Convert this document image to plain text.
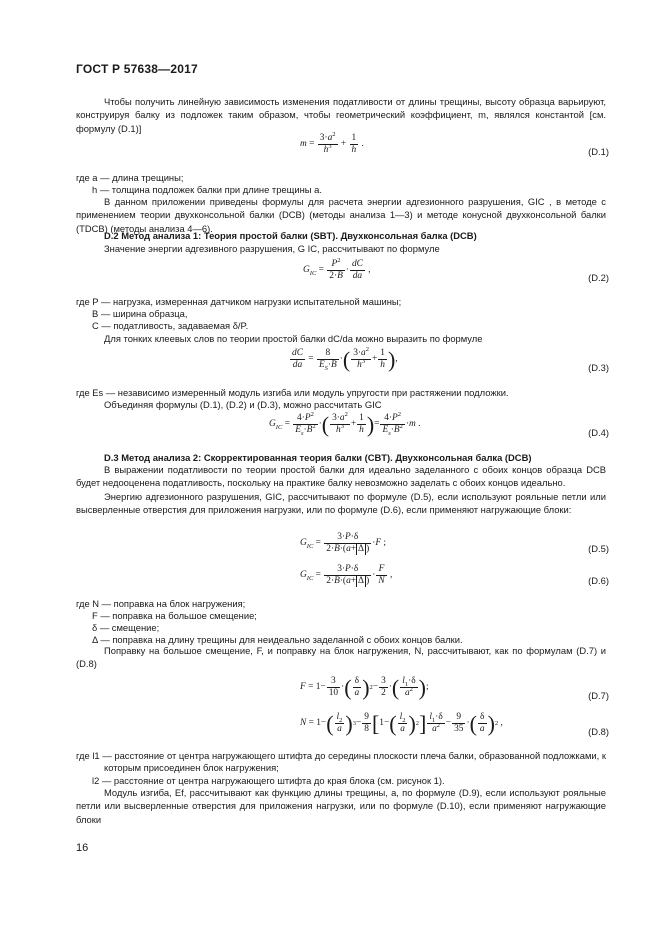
ГОСТ Р 57638—2017
Чтобы получить линейную зависимость изменения податливости от длины трещины, высоту образца варьируют, конструируя балку из подложек таким образом, чтобы геометрический коэффициент, m, являлся константой [см. формулу (D.1)]
$m = \frac{3\cdot a^2}{h^3} + \frac{1}{h}$ .
(D.1)
где a — длина трещины;
h — толщина подложек балки при длине трещины a.
В данном приложении приведены формулы для расчета энергии адгезионного разрушения, GIC , в методе с применением теории двухконсольной балки (DCB) (методы анализа 1—3) и методе конусной двухконсольной балки (TDCB) (методы анализа 4—6).
D.2 Метод анализа 1: Теория простой балки (SBT). Двухконсольная балка (DCB)
Значение энергии адгезивного разрушения, G IC, рассчитывают по формуле
$G_{IC} = \frac{P^2}{2\cdot B} \cdot \frac{dC}{da}$ ,
(D.2)
где P — нагрузка, измеренная датчиком нагрузки испытательной машины;
B — ширина образца,
C — податливость, задаваемая δ/P.
Для тонких клеевых слов по теории простой балки dC/da можно выразить по формуле
$\frac{dC}{da} = \frac{8}{E_S\cdot B}$ · ( $\frac{3\cdot a^2}{h^3} + \frac{1}{h}$ ) ,
(D.3)
где Es — независимо измеренный модуль изгиба или модуль упругости при растяжении подложки.
Объединяя формулы (D.1), (D.2) и (D.3), можно рассчитать GIC
$G_{IC} = \frac{4\cdot P^2}{E_s\cdot B^2}$ · ( $\frac{3\cdot a^2}{h^3} + \frac{1}{h}$ ) = $\frac{4\cdot P^2}{E_s\cdot B^2} \cdot m$ .
(D.4)
D.3 Метод анализа 2: Скорректированная теория балки (CBT). Двухконсольная балка (DCB)
В выражении податливости по теории простой балки для идеально заделанного с обоих концов образца DCB будет недооценена податливость, поскольку на практике балку невозможно заделать с обоих концов идеально.
Энергию адгезионного разрушения, GIC, рассчитывают по формуле (D.5), если используют рояльные петли или высверленные отверстия для приложения нагрузки, или по формуле (D.6), если применяют нагружающие блоки:
$G_{IC} = \frac{3\cdot P\cdot\delta}{2\cdot B\cdot(a+ \Delta )} \cdot F$ ;	(D.5)
$G_{IC} = \frac{3\cdot P\cdot\delta}{2\cdot B\cdot(a+ \Delta )} \cdot \frac{F}{N}$ ,	(D.6)
где N — поправка на блок нагружения;
F — поправка на большое смещение;
δ — смещение;
Δ — поправка на длину трещины для неидеально заделанной с обоих концов балки.
Поправку на большое смещение, F, и поправку на блок нагружения, N, рассчитывают, как по формулам (D.7) и (D.8)
$F = 1- \frac{3}{10}$ · ( $\frac{\delta}{a}$ ) $2 - \frac{3}{2}$ · ( $\frac{l_1\cdot\delta}{a^2}$ ) ;
(D.7)
N = 1− ( $\frac{l_2}{a}$ ) $3 - \frac{9}{8}$ [ 1− ( $\frac{l_2}{a}$ ) 2 ] $\frac{l_1\cdot\delta}{a^2} - \frac{9}{35}$ · ( $\frac{\delta}{a}$ ) 2 ,
(D.8)
где l1 — расстояние от центра нагружающего штифта до середины плоскости плеча балки, образованной подложками, к которым присоединен блок нагружения;
l2 — расстояние от центра нагружающего штифта до края блока (см. рисунок 1).
Модуль изгиба, Ef, рассчитывают как функцию длины трещины, a, по формуле (D.9), если используют рояльные петли или высверленные отверстия для приложения нагрузки, или по формуле (D.10), если применяют нагружающие блоки
16
